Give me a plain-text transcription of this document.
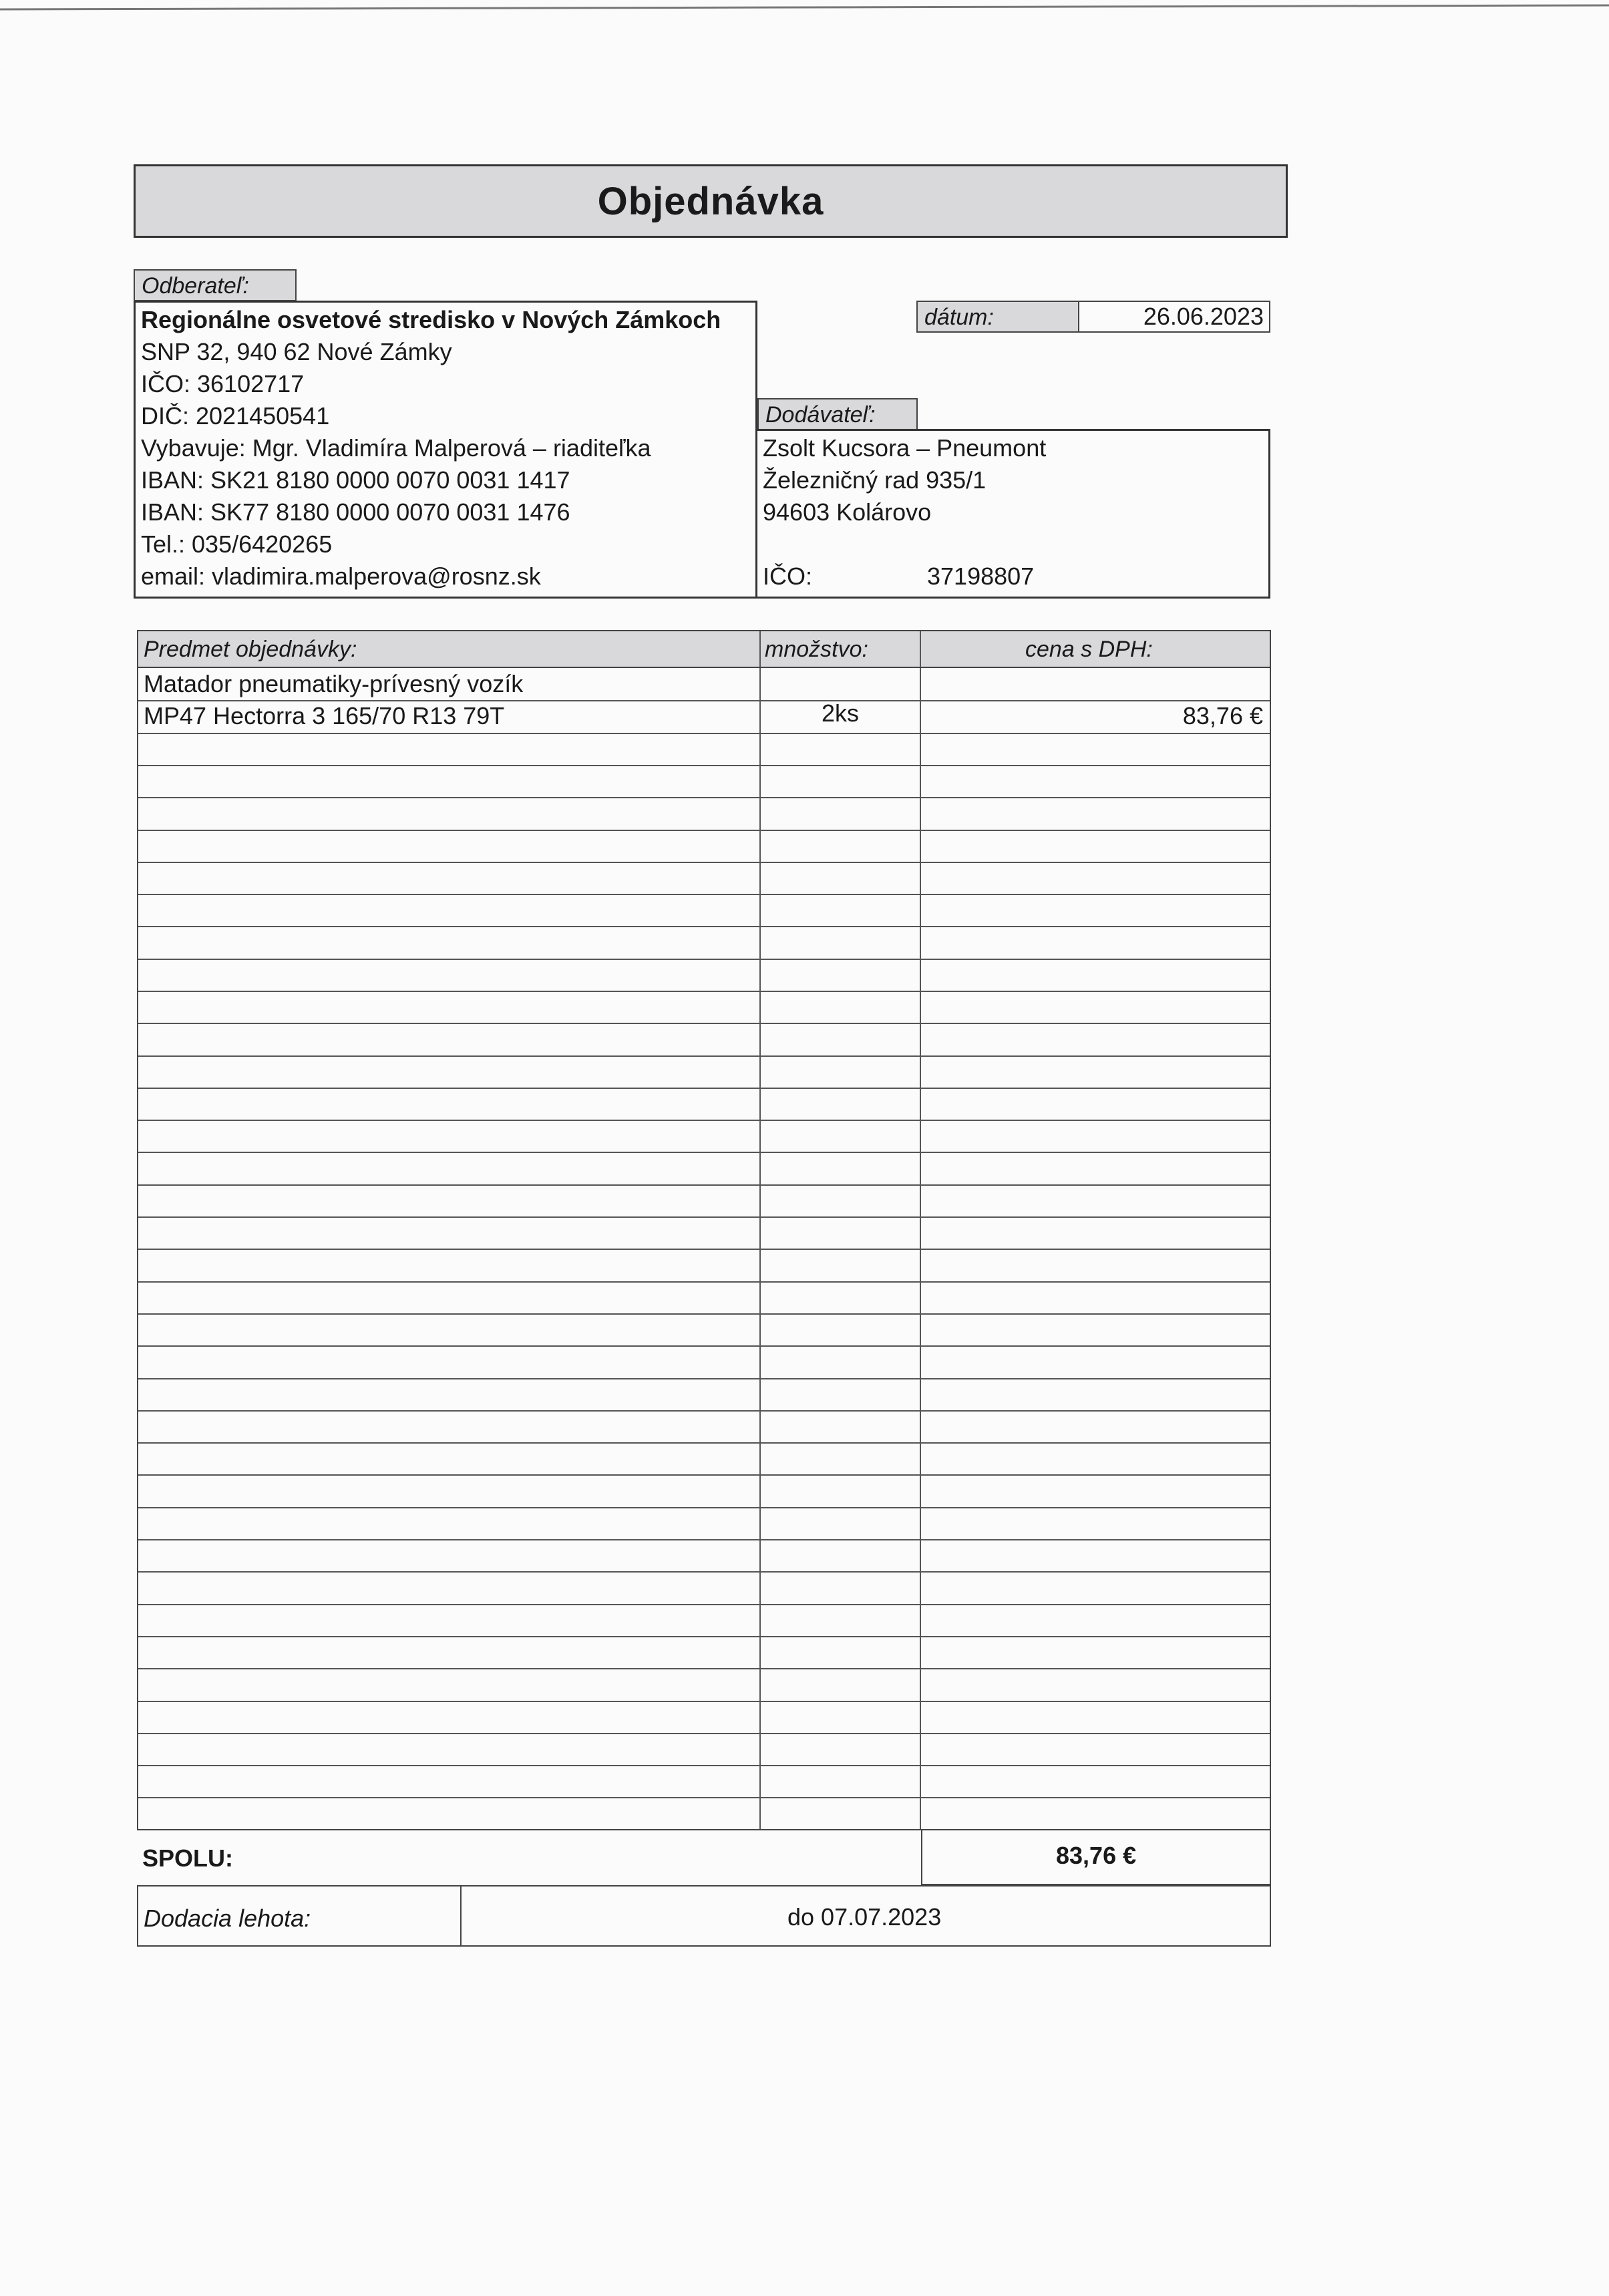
Objednávka
Odberateľ:
Regionálne osvetové stredisko v Nových Zámkoch
SNP 32, 940 62 Nové Zámky
IČO: 36102717
DIČ: 2021450541
Vybavuje: Mgr. Vladimíra Malperová – riaditeľka
IBAN: SK21 8180 0000 0070 0031 1417
IBAN: SK77 8180 0000 0070 0031 1476
Tel.: 035/6420265
email: vladimira.malperova@rosnz.sk
dátum:	26.06.2023
Dodávateľ:
Zsolt Kucsora – Pneumont
Železničný rad 935/1
94603 Kolárovo
IČO:	37198807
Predmet objednávky:	množstvo:	cena s DPH:
Matador pneumatiky-prívesný vozík
MP47 Hectorra 3 165/70 R13 79T	2ks	83,76 €
SPOLU:	83,76 €
Dodacia lehota:	do 07.07.2023
